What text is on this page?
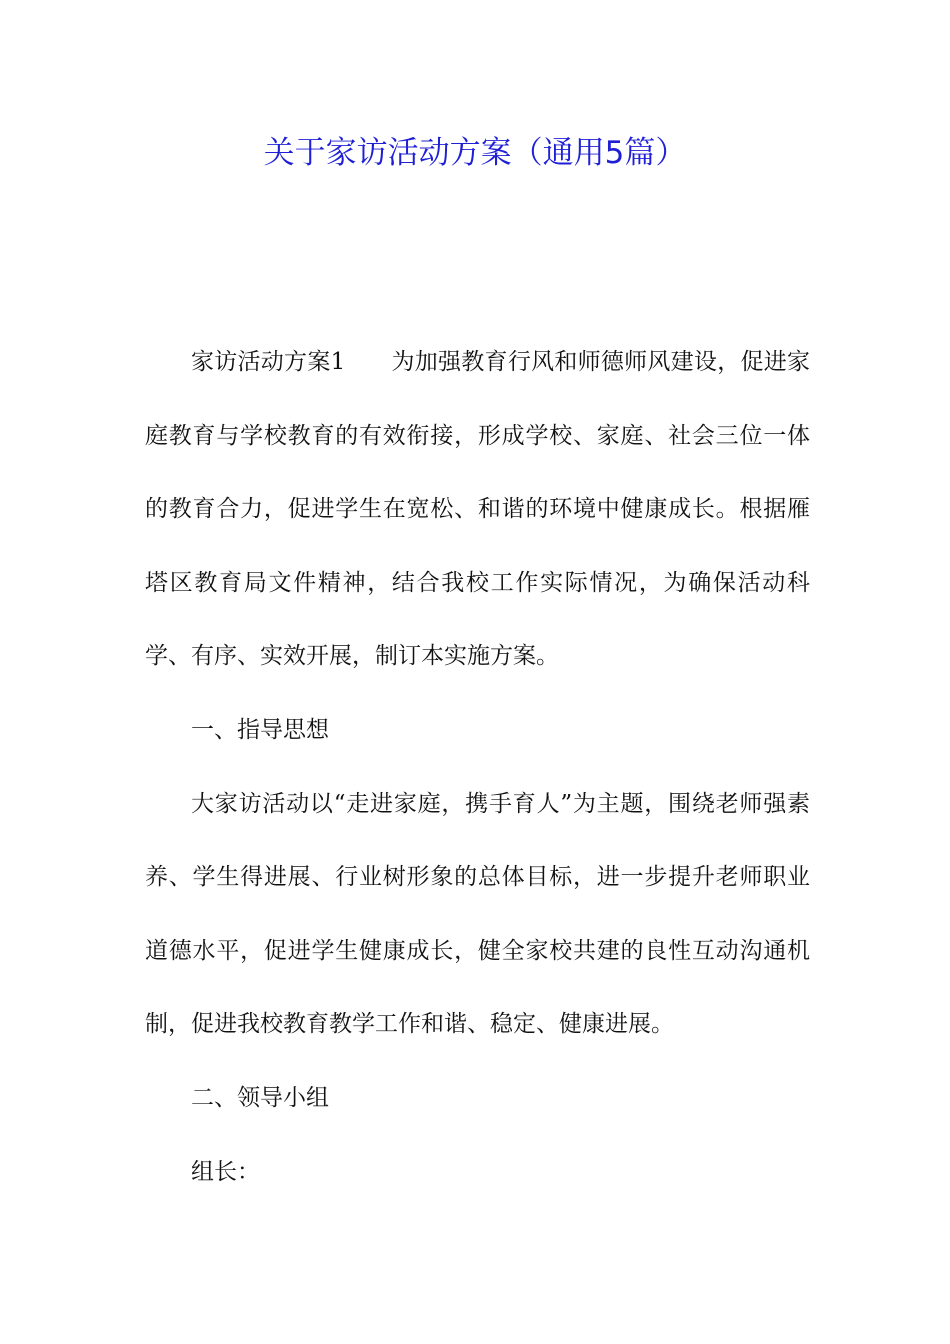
关于家访活动方案（通用5篇）

家访活动方案1 为加强教育行风和师德师风建设，促进家庭教育与学校教育的有效衔接，形成学校、家庭、社会三位一体的教育合力，促进学生在宽松、和谐的环境中健康成长。根据雁塔区教育局文件精神，结合我校工作实际情况，为确保活动科学、有序、实效开展，制订本实施方案。

一、指导思想

大家访活动以“走进家庭，携手育人”为主题，围绕老师强素养、学生得进展、行业树形象的总体目标，进一步提升老师职业道德水平，促进学生健康成长，健全家校共建的良性互动沟通机制，促进我校教育教学工作和谐、稳定、健康进展。

二、领导小组

组长：
